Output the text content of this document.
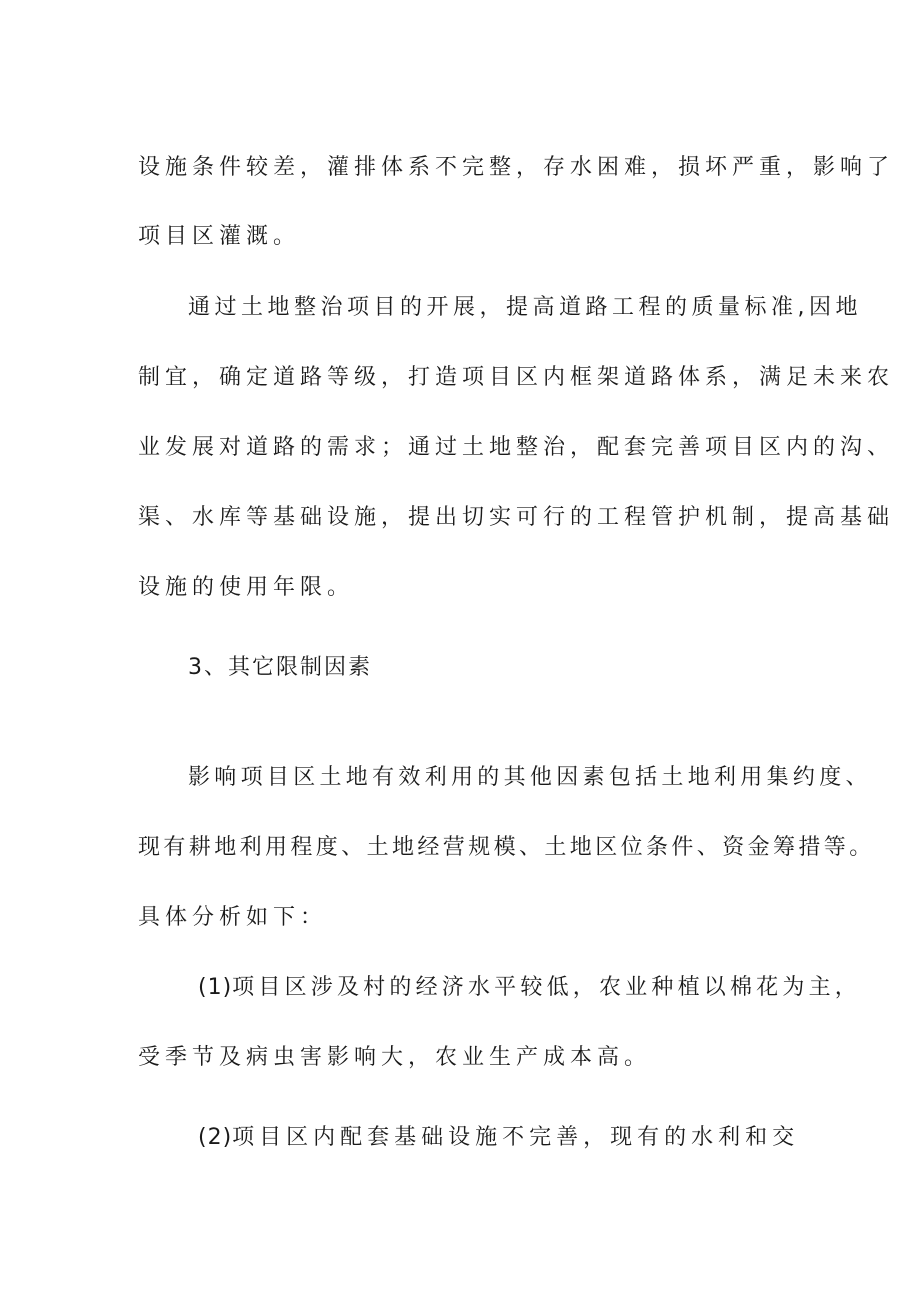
设施条件较差，灌排体系不完整，存水困难，损坏严重，影响了
项目区灌溉。
通过土地整治项目的开展，提高道路工程的质量标准,因地
制宜，确定道路等级，打造项目区内框架道路体系，满足未来农
业发展对道路的需求；通过土地整治，配套完善项目区内的沟、
渠、水库等基础设施，提出切实可行的工程管护机制，提高基础
设施的使用年限。
3、其它限制因素
影响项目区土地有效利用的其他因素包括土地利用集约度、
现有耕地利用程度、土地经营规模、土地区位条件、资金筹措等。
具体分析如下：
(1)项目区涉及村的经济水平较低，农业种植以棉花为主，
受季节及病虫害影响大，农业生产成本高。
(2)项目区内配套基础设施不完善，现有的水利和交
